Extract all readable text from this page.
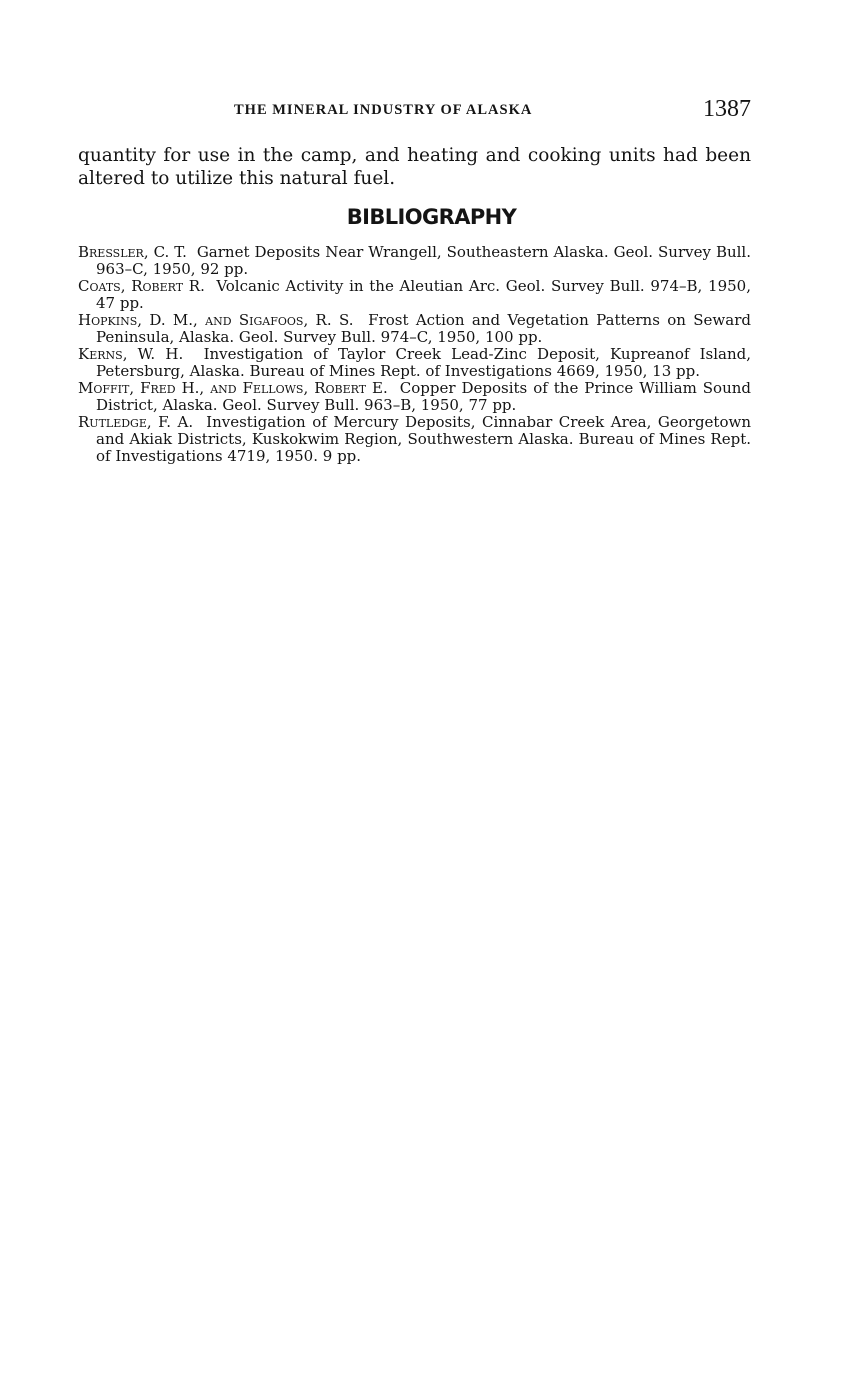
THE MINERAL INDUSTRY OF ALASKA	1387

quantity for use in the camp, and heating and cooking units had been altered to utilize this natural fuel.

BIBLIOGRAPHY
Bressler, C. T. Garnet Deposits Near Wrangell, Southeastern Alaska. Geol. Survey Bull. 963–C, 1950, 92 pp.
Coats, Robert R. Volcanic Activity in the Aleutian Arc. Geol. Survey Bull. 974–B, 1950, 47 pp.
Hopkins, D. M., and Sigafoos, R. S. Frost Action and Vegetation Patterns on Seward Peninsula, Alaska. Geol. Survey Bull. 974–C, 1950, 100 pp.
Kerns, W. H. Investigation of Taylor Creek Lead-Zinc Deposit, Kupreanof Island, Petersburg, Alaska. Bureau of Mines Rept. of Investigations 4669, 1950, 13 pp.
Moffit, Fred H., and Fellows, Robert E. Copper Deposits of the Prince William Sound District, Alaska. Geol. Survey Bull. 963–B, 1950, 77 pp.
Rutledge, F. A. Investigation of Mercury Deposits, Cinnabar Creek Area, Georgetown and Akiak Districts, Kuskokwim Region, Southwestern Alaska. Bureau of Mines Rept. of Investigations 4719, 1950. 9 pp.
